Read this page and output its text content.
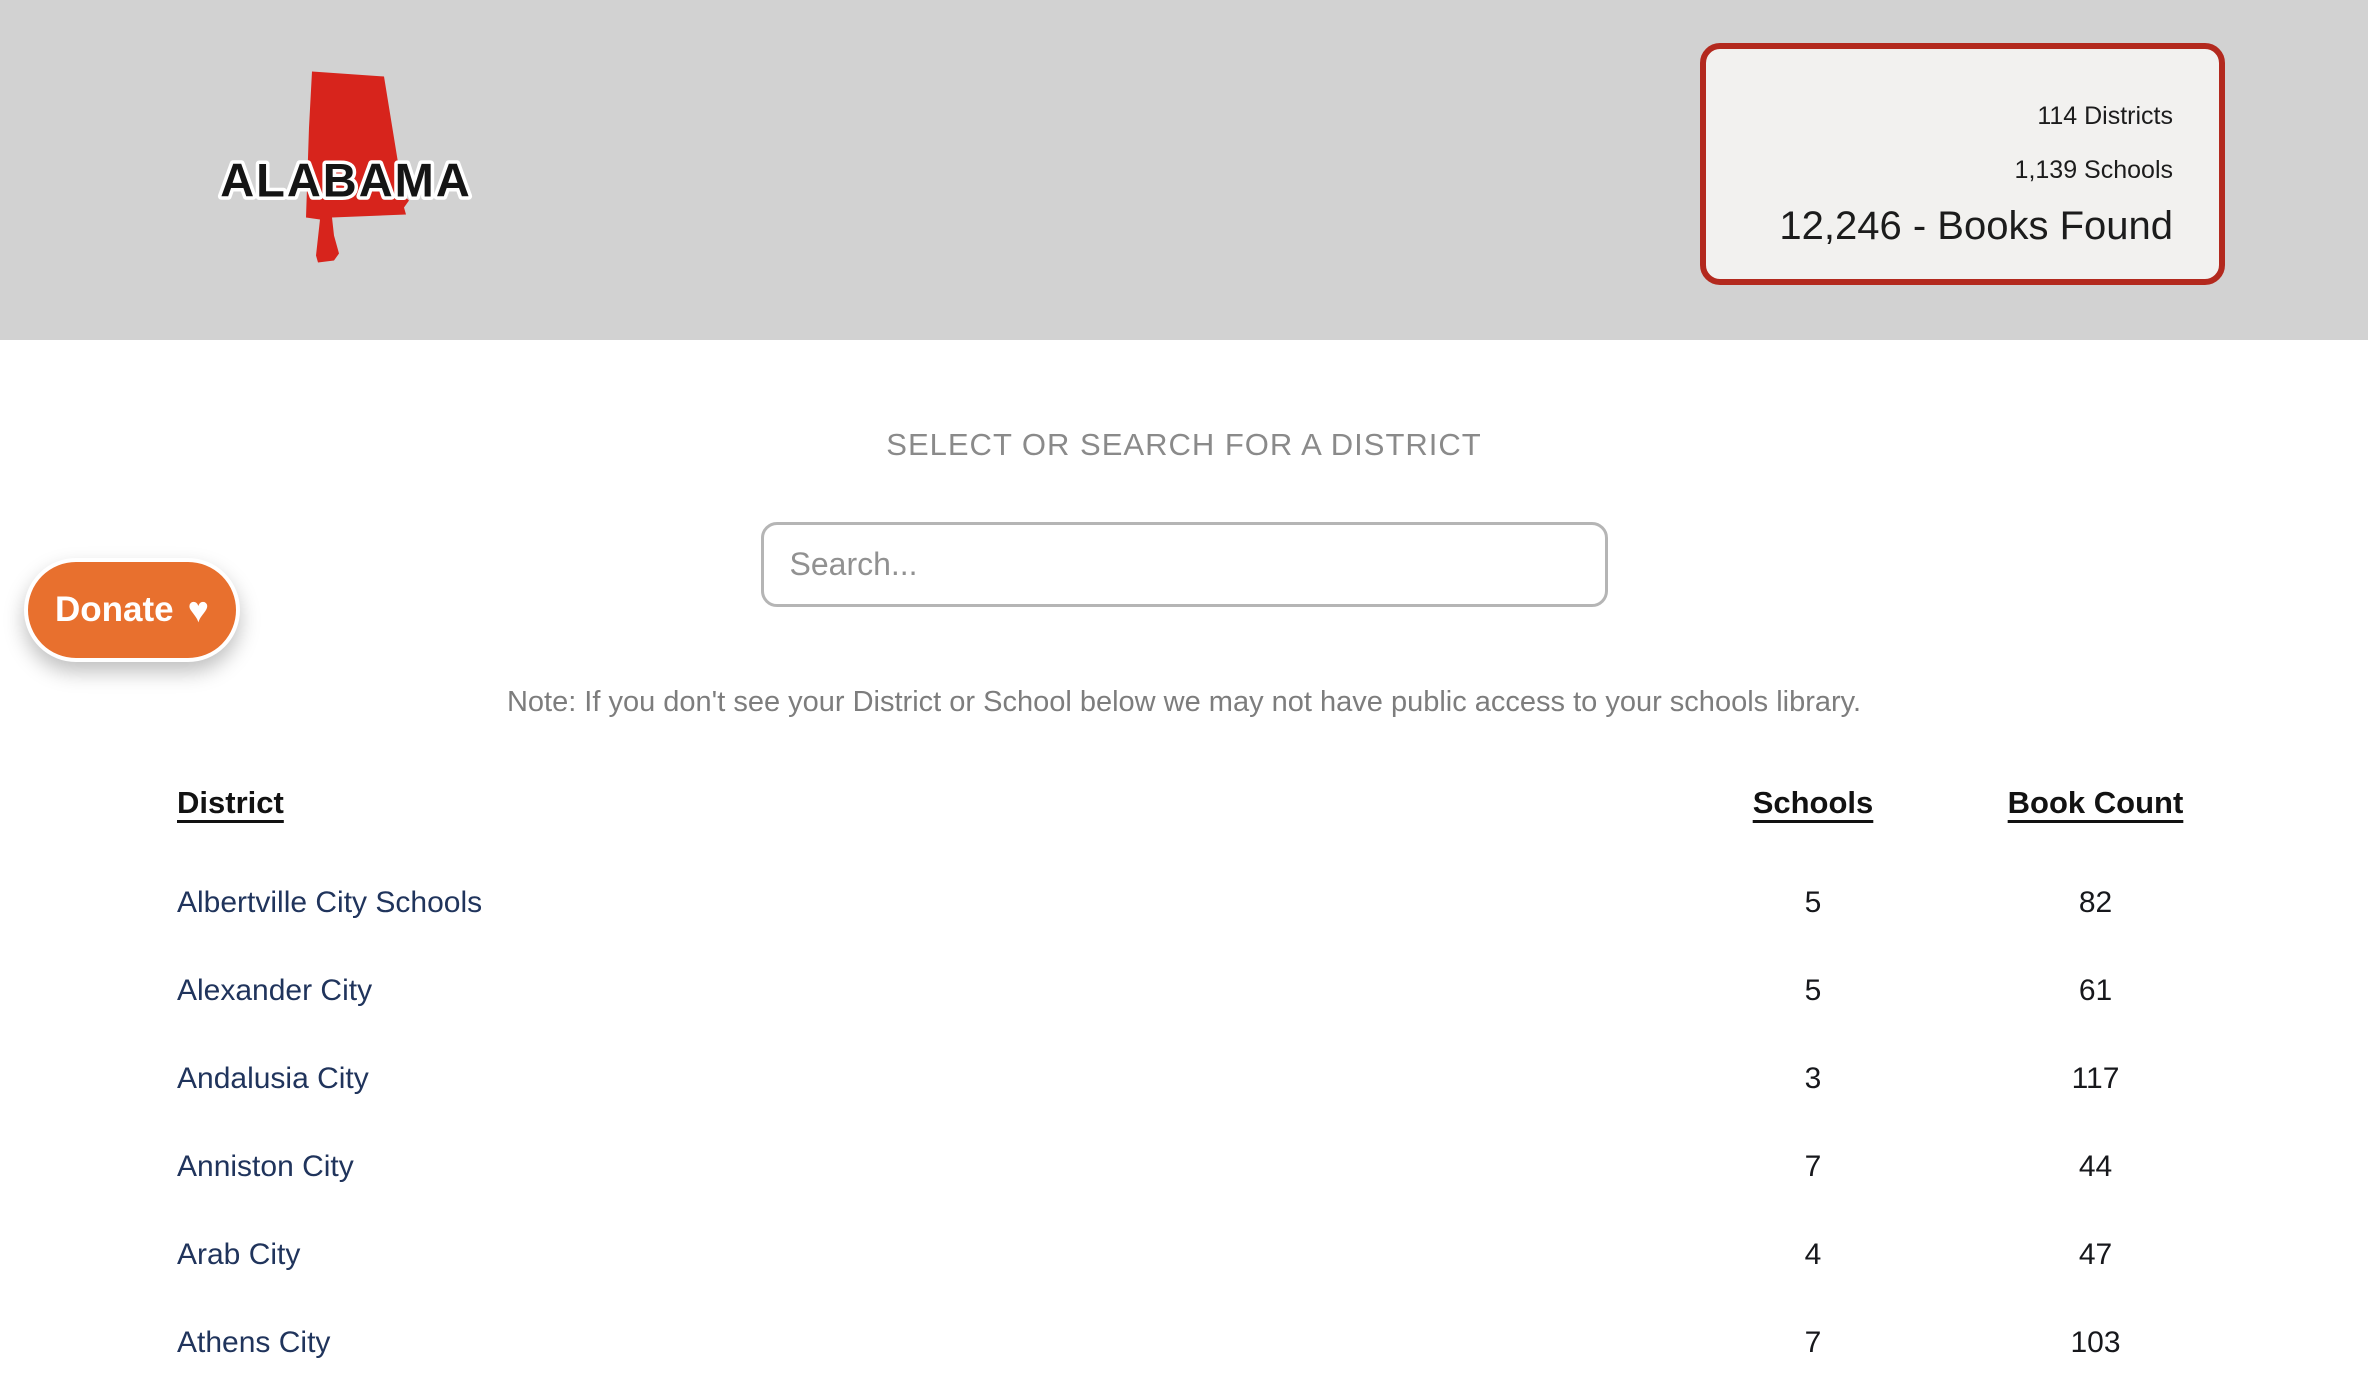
ALABAMA
114 Districts
1,139 Schools
12,246 - Books Found
SELECT OR SEARCH FOR A DISTRICT
Search...

Note: If you don't see your District or School below we may not have public access to your schools library.

District	Schools	Book Count
Albertville City Schools	5	82
Alexander City	5	61
Andalusia City	3	117
Anniston City	7	44
Arab City	4	47
Athens City	7	103
Donate ♥
